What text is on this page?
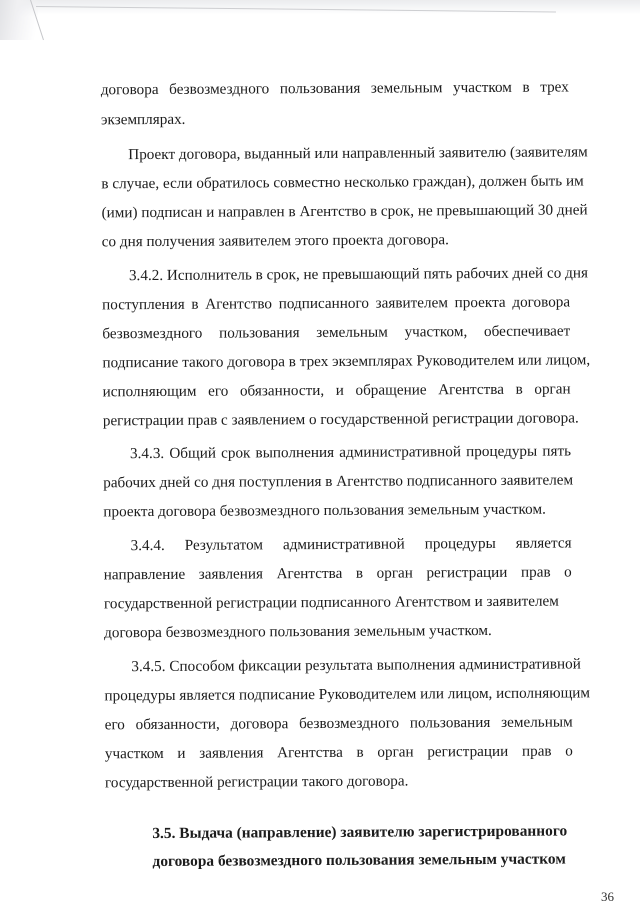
договора безвозмездного пользования земельным участком в трех
экземплярах.
Проект договора, выданный или направленный заявителю (заявителям
в случае, если обратилось совместно несколько граждан), должен быть им
(ими) подписан и направлен в Агентство в срок, не превышающий 30 дней
со дня получения заявителем этого проекта договора.
3.4.2. Исполнитель в срок, не превышающий пять рабочих дней со дня
поступления в Агентство подписанного заявителем проекта договора
безвозмездного пользования земельным участком, обеспечивает
подписание такого договора в трех экземплярах Руководителем или лицом,
исполняющим его обязанности, и обращение Агентства в орган
регистрации прав с заявлением о государственной регистрации договора.
3.4.3. Общий срок выполнения административной процедуры пять
рабочих дней со дня поступления в Агентство подписанного заявителем
проекта договора безвозмездного пользования земельным участком.
3.4.4. Результатом административной процедуры является
направление заявления Агентства в орган регистрации прав о
государственной регистрации подписанного Агентством и заявителем
договора безвозмездного пользования земельным участком.
3.4.5. Способом фиксации результата выполнения административной
процедуры является подписание Руководителем или лицом, исполняющим
его обязанности, договора безвозмездного пользования земельным
участком и заявления Агентства в орган регистрации прав о
государственной регистрации такого договора.
3.5. Выдача (направление) заявителю зарегистрированного
договора безвозмездного пользования земельным участком
36
